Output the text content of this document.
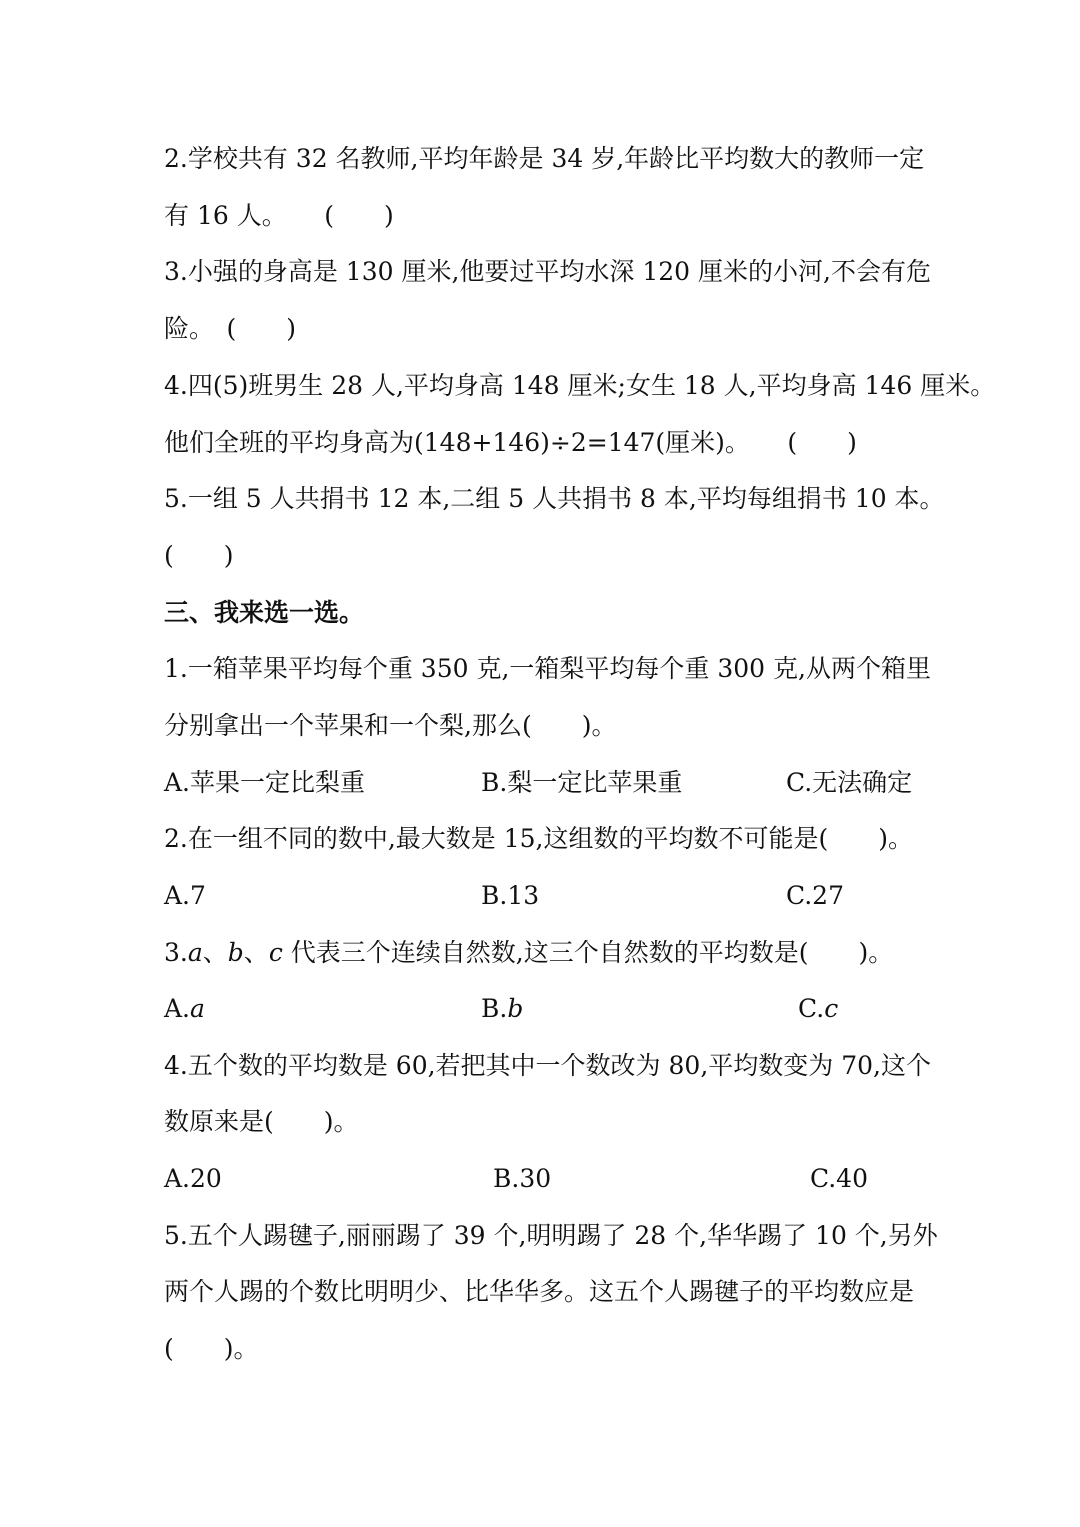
2.学校共有 32 名教师,平均年龄是 34 岁,年龄比平均数大的教师一定
有 16 人。　　(　　)
3.小强的身高是 130 厘米,他要过平均水深 120 厘米的小河,不会有危
险。　(　　)
4.四(5)班男生 28 人,平均身高 148 厘米;女生 18 人,平均身高 146 厘米。
他们全班的平均身高为(148+146)÷2=147(厘米)。　　(　　)
5.一组 5 人共捐书 12 本,二组 5 人共捐书 8 本,平均每组捐书 10 本。
(　　)
三、我来选一选。
1.一箱苹果平均每个重 350 克,一箱梨平均每个重 300 克,从两个箱里
分别拿出一个苹果和一个梨,那么(　　)。
A.苹果一定比梨重	B.梨一定比苹果重	C.无法确定
2.在一组不同的数中,最大数是 15,这组数的平均数不可能是(　　)。
A.7	B.13	C.27
3.a、b、c 代表三个连续自然数,这三个自然数的平均数是(　　)。
A.a	B.b	C.c
4.五个数的平均数是 60,若把其中一个数改为 80,平均数变为 70,这个
数原来是(　　)。
A.20	B.30	C.40
5.五个人踢毽子,丽丽踢了 39 个,明明踢了 28 个,华华踢了 10 个,另外
两个人踢的个数比明明少、比华华多。这五个人踢毽子的平均数应是
(　　)。
